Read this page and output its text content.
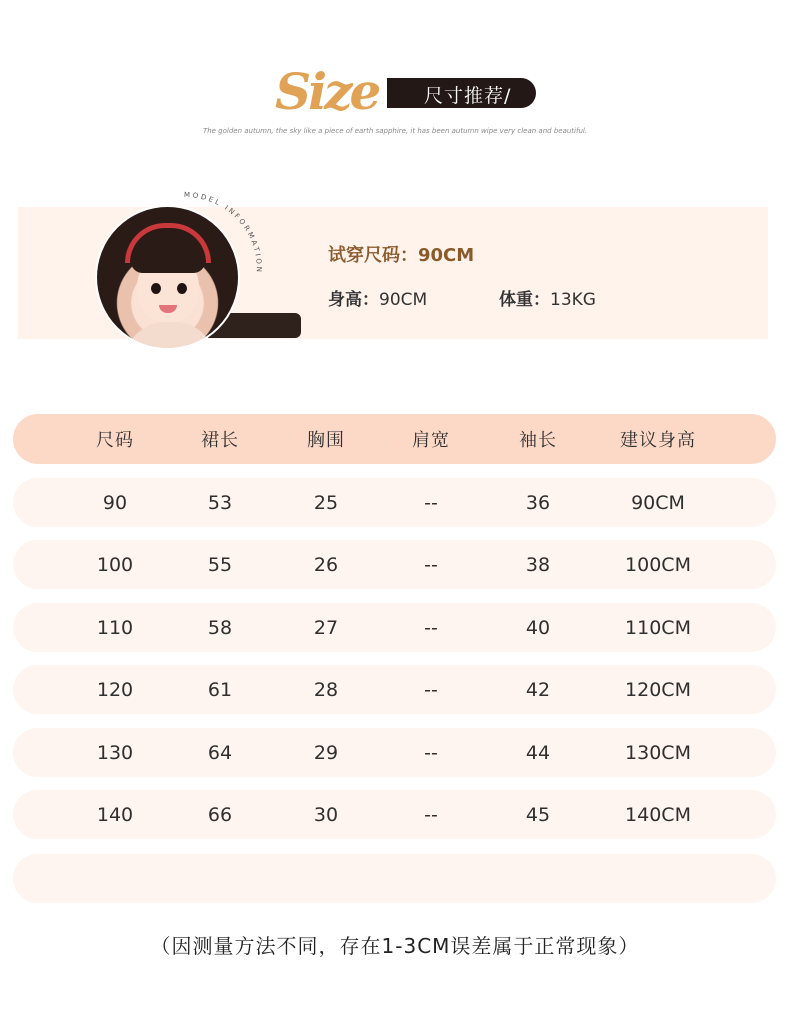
Size 尺寸推荐/
The golden autumn, the sky like a piece of earth sapphire, it has been autumn wipe very clean and beautiful.
MODEL INFORMATION
试穿尺码：90CM
身高：90CM	体重：13KG
尺码	裙长	胸围	肩宽	袖长	建议身高
90	53	25	--	36	90CM
100	55	26	--	38	100CM
110	58	27	--	40	110CM
120	61	28	--	42	120CM
130	64	29	--	44	130CM
140	66	30	--	45	140CM
（因测量方法不同，存在1-3CM误差属于正常现象）
